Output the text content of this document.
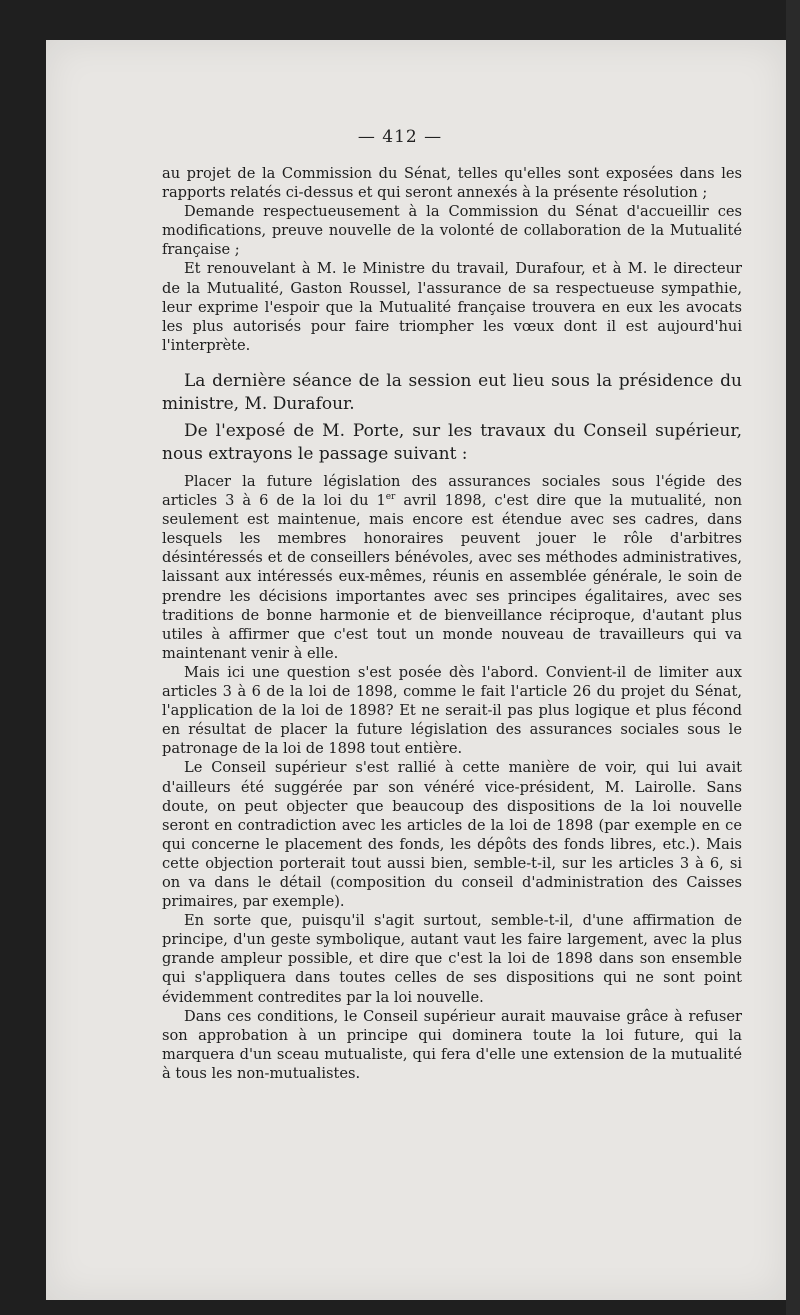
— 412 —

au projet de la Commission du Sénat, telles qu'elles sont exposées dans les rapports relatés ci-dessus et qui seront annexés à la présente résolution ;

Demande respectueusement à la Commission du Sénat d'accueillir ces modifications, preuve nouvelle de la volonté de collaboration de la Mutualité française ;

Et renouvelant à M. le Ministre du travail, Durafour, et à M. le directeur de la Mutualité, Gaston Roussel, l'assurance de sa respectueuse sympathie, leur exprime l'espoir que la Mutualité française trouvera en eux les avocats les plus autorisés pour faire triompher les vœux dont il est aujourd'hui l'interprète.

La dernière séance de la session eut lieu sous la présidence du ministre, M. Durafour.

De l'exposé de M. Porte, sur les travaux du Conseil supérieur, nous extrayons le passage suivant :

Placer la future législation des assurances sociales sous l'égide des articles 3 à 6 de la loi du 1er avril 1898, c'est dire que la mutualité, non seulement est maintenue, mais encore est étendue avec ses cadres, dans lesquels les membres honoraires peuvent jouer le rôle d'arbitres désintéressés et de conseillers bénévoles, avec ses méthodes administratives, laissant aux intéressés eux-mêmes, réunis en assemblée générale, le soin de prendre les décisions importantes avec ses principes égalitaires, avec ses traditions de bonne harmonie et de bienveillance réciproque, d'autant plus utiles à affirmer que c'est tout un monde nouveau de travailleurs qui va maintenant venir à elle.

Mais ici une question s'est posée dès l'abord. Convient-il de limiter aux articles 3 à 6 de la loi de 1898, comme le fait l'article 26 du projet du Sénat, l'application de la loi de 1898? Et ne serait-il pas plus logique et plus fécond en résultat de placer la future législation des assurances sociales sous le patronage de la loi de 1898 tout entière.

Le Conseil supérieur s'est rallié à cette manière de voir, qui lui avait d'ailleurs été suggérée par son vénéré vice-président, M. Lairolle. Sans doute, on peut objecter que beaucoup des dispositions de la loi nouvelle seront en contradiction avec les articles de la loi de 1898 (par exemple en ce qui concerne le placement des fonds, les dépôts des fonds libres, etc.). Mais cette objection porterait tout aussi bien, semble-t-il, sur les articles 3 à 6, si on va dans le détail (composition du conseil d'administration des Caisses primaires, par exemple).

En sorte que, puisqu'il s'agit surtout, semble-t-il, d'une affirmation de principe, d'un geste symbolique, autant vaut les faire largement, avec la plus grande ampleur possible, et dire que c'est la loi de 1898 dans son ensemble qui s'appliquera dans toutes celles de ses dispositions qui ne sont point évidemment contredites par la loi nouvelle.

Dans ces conditions, le Conseil supérieur aurait mauvaise grâce à refuser son approbation à un principe qui dominera toute la loi future, qui la marquera d'un sceau mutualiste, qui fera d'elle une extension de la mutualité à tous les non-mutualistes.
